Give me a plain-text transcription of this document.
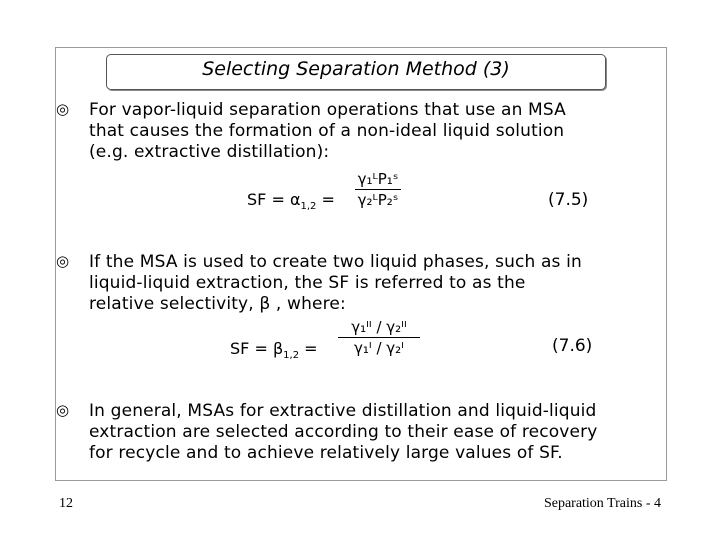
Selecting Separation Method (3)
◎ For vapor-liquid separation operations that use an MSA
that causes the formation of a non-ideal liquid solution
(e.g. extractive distillation):
SF = $\alpha_{1,2}$ =
γ₁ᴸP₁ˢ
γ₂ᴸP₂ˢ	(7.5)
◎ If the MSA is used to create two liquid phases, such as in
liquid-liquid extraction, the SF is referred to as the
relative selectivity, β , where:
SF = $\beta_{1,2}$ =
γ₁ᴵᴵ / γ₂ᴵᴵ
γ₁ᴵ / γ₂ᴵ	(7.6)
◎ In general, MSAs for extractive distillation and liquid-liquid
extraction are selected according to their ease of recovery
for recycle and to achieve relatively large values of SF.
12	Separation Trains - 4
